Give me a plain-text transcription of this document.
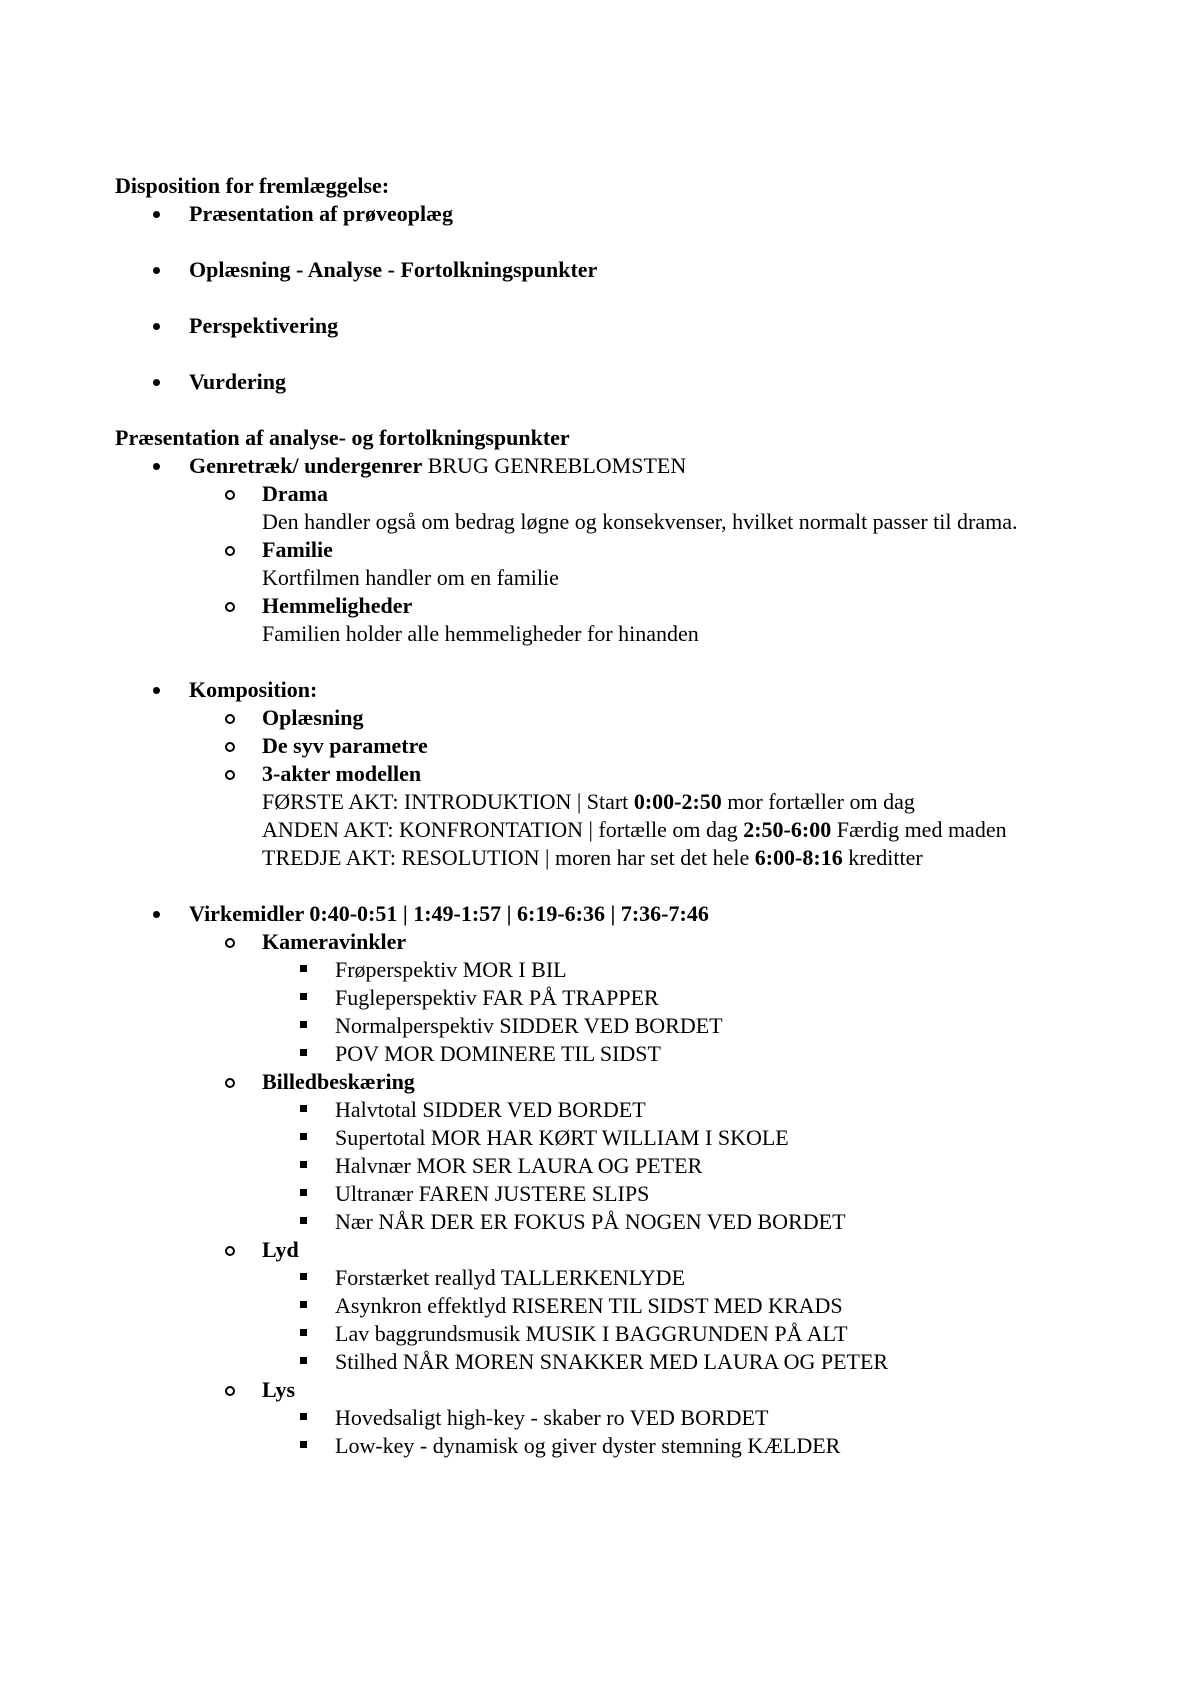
Disposition for fremlæggelse:

Præsentation af prøveoplæg
Oplæsning - Analyse - Fortolkningspunkter
Perspektivering
Vurdering

Præsentation af analyse- og fortolkningspunkter

Genretræk/ undergenrer BRUG GENREBLOMSTEN
Drama
Den handler også om bedrag løgne og konsekvenser, hvilket normalt passer til drama.
Familie
Kortfilmen handler om en familie
Hemmeligheder
Familien holder alle hemmeligheder for hinanden
Komposition:
Oplæsning
De syv parametre
3-akter modellen
FØRSTE AKT: INTRODUKTION | Start 0:00-2:50 mor fortæller om dag
ANDEN AKT: KONFRONTATION | fortælle om dag 2:50-6:00 Færdig med maden
TREDJE AKT: RESOLUTION | moren har set det hele 6:00-8:16 kreditter
Virkemidler 0:40-0:51 | 1:49-1:57 | 6:19-6:36 | 7:36-7:46
Kameravinkler
Frøperspektiv MOR I BIL
Fugleperspektiv FAR PÅ TRAPPER
Normalperspektiv SIDDER VED BORDET
POV MOR DOMINERE TIL SIDST
Billedbeskæring
Halvtotal SIDDER VED BORDET
Supertotal MOR HAR KØRT WILLIAM I SKOLE
Halvnær MOR SER LAURA OG PETER
Ultranær FAREN JUSTERE SLIPS
Nær NÅR DER ER FOKUS PÅ NOGEN VED BORDET
Lyd
Forstærket reallyd TALLERKENLYDE
Asynkron effektlyd RISEREN TIL SIDST MED KRADS
Lav baggrundsmusik MUSIK I BAGGRUNDEN PÅ ALT
Stilhed NÅR MOREN SNAKKER MED LAURA OG PETER
Lys
Hovedsaligt high-key - skaber ro VED BORDET
Low-key - dynamisk og giver dyster stemning KÆLDER
